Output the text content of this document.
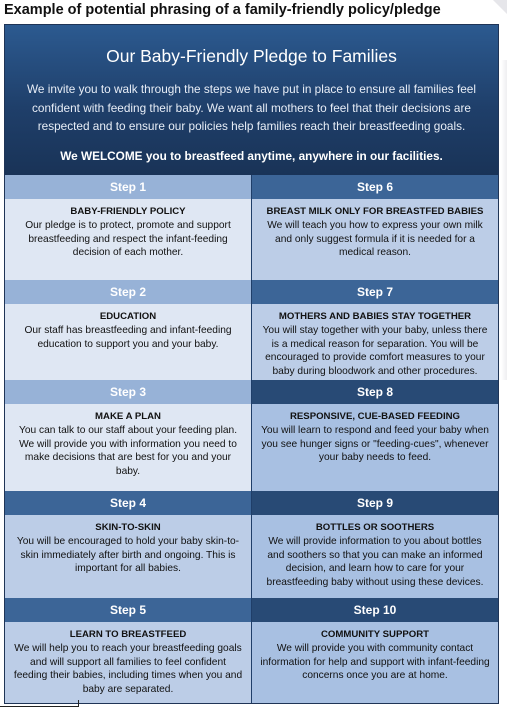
Example of potential phrasing of a family-friendly policy/pledge
Our Baby-Friendly Pledge to Families
We invite you to walk through the steps we have put in place to ensure all families feel confident with feeding their baby. We want all mothers to feel that their decisions are respected and to ensure our policies help families reach their breastfeeding goals.
We WELCOME you to breastfeed anytime, anywhere in our facilities.
Step 1
BABY-FRIENDLY POLICY
Our pledge is to protect, promote and support breastfeeding and respect the infant-feeding decision of each mother.
Step 2
EDUCATION
Our staff has breastfeeding and infant-feeding education to support you and your baby.
Step 3
MAKE A PLAN
You can talk to our staff about your feeding plan. We will provide you with information you need to make decisions that are best for you and your baby.
Step 4
SKIN-TO-SKIN
You will be encouraged to hold your baby skin-to-skin immediately after birth and ongoing. This is important for all babies.
Step 5
LEARN TO BREASTFEED
We will help you to reach your breastfeeding goals and will support all families to feel confident feeding their babies, including times when you and baby are separated.
Step 6
BREAST MILK ONLY FOR BREASTFED BABIES
We will teach you how to express your own milk and only suggest formula if it is needed for a medical reason.
Step 7
MOTHERS AND BABIES STAY TOGETHER
You will stay together with your baby, unless there is a medical reason for separation. You will be encouraged to provide comfort measures to your baby during bloodwork and other procedures.
Step 8
RESPONSIVE, CUE-BASED FEEDING
You will learn to respond and feed your baby when you see hunger signs or "feeding-cues", whenever your baby needs to feed.
Step 9
BOTTLES OR SOOTHERS
We will provide information to you about bottles and soothers so that you can make an informed decision, and learn how to care for your breastfeeding baby without using these devices.
Step 10
COMMUNITY SUPPORT
We will provide you with community contact information for help and support with infant-feeding concerns once you are at home.
